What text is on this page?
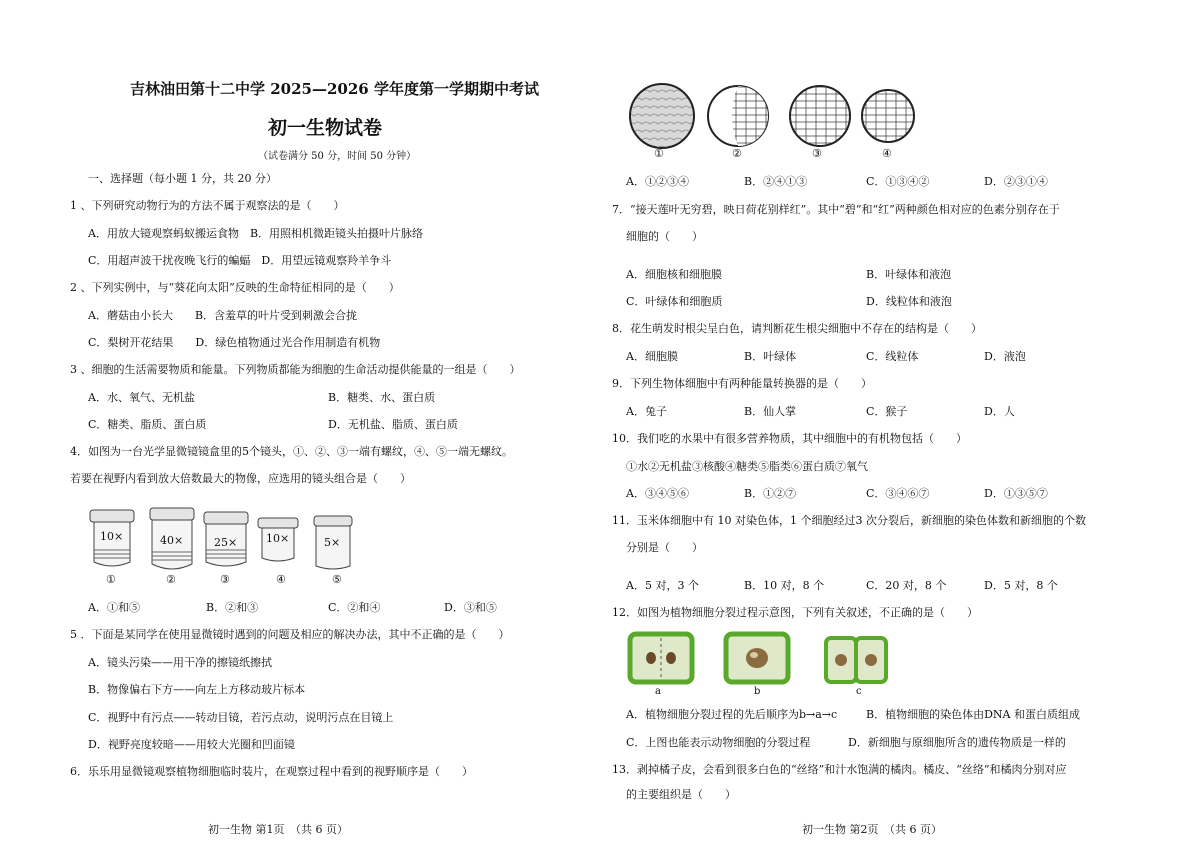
吉林油田第十二中学 2025—2026 学年度第一学期期中考试
初一生物试卷
（试卷满分 50 分，时间 50 分钟）
一、选择题（每小题 1 分，共 20 分）
1 、下列研究动物行为的方法不属于观察法的是（　　）
A．用放大镜观察蚂蚁搬运食物　B．用照相机微距镜头拍摄叶片脉络
C．用超声波干扰夜晚飞行的蝙蝠　D．用望远镜观察羚羊争斗
2 、下列实例中，与“葵花向太阳”反映的生命特征相同的是（　　）
A．蘑菇由小长大　　B．含羞草的叶片受到刺激会合拢
C．梨树开花结果　　D．绿色植物通过光合作用制造有机物
3 、细胞的生活需要物质和能量。下列物质都能为细胞的生命活动提供能量的一组是（　　）
A．水、氧气、无机盐	B．糖类、水、蛋白质
C．糖类、脂质、蛋白质	D．无机盐、脂质、蛋白质
4．如图为一台光学显微镜镜盒里的5个镜头，①、②、③一端有螺纹，④、⑤一端无螺纹。
若要在视野内看到放大倍数最大的物像，应选用的镜头组合是（　　）
10×	40×	25×	10×	5×
①	②	③	④	⑤
A．①和⑤	B．②和③	C．②和④	D．③和⑤
5 ．下面是某同学在使用显微镜时遇到的问题及相应的解决办法，其中不正确的是（　　）
A．镜头污染——用干净的擦镜纸擦拭
B．物像偏右下方——向左上方移动玻片标本
C．视野中有污点——转动目镜，若污点动，说明污点在目镜上
D．视野亮度较暗——用较大光圈和凹面镜
6．乐乐用显微镜观察植物细胞临时装片，在观察过程中看到的视野顺序是（　　）
初一生物 第1页　（共 6 页）
①	②	③	④
A．①②③④	B．②④①③	C．①③④②	D．②③①④
7．“接天莲叶无穷碧，映日荷花别样红”。其中“碧”和“红”两种颜色相对应的色素分别存在于
细胞的（　　）
A．细胞核和细胞膜	B．叶绿体和液泡
C．叶绿体和细胞质	D．线粒体和液泡
8．花生萌发时根尖呈白色，请判断花生根尖细胞中不存在的结构是（　　）
A．细胞膜	B．叶绿体	C．线粒体	D．液泡
9．下列生物体细胞中有两种能量转换器的是（　　）
A．兔子	B．仙人掌	C．猴子	D．人
10．我们吃的水果中有很多营养物质，其中细胞中的有机物包括（　　）
①水②无机盐③核酸④糖类⑤脂类⑥蛋白质⑦氧气
A．③④⑤⑥	B．①②⑦	C．③④⑥⑦	D．①③⑤⑦
11．玉米体细胞中有 10 对染色体，1 个细胞经过3 次分裂后，新细胞的染色体数和新细胞的个数
分别是（　　）
A．5 对，3 个	B．10 对，8 个	C．20 对，8 个	D．5 对，8 个
12．如图为植物细胞分裂过程示意图，下列有关叙述，不正确的是（　　）
a	b	c
A．植物细胞分裂过程的先后顺序为b→a→c	B．植物细胞的染色体由DNA 和蛋白质组成
C．上图也能表示动物细胞的分裂过程	D．新细胞与原细胞所含的遗传物质是一样的
13．剥掉橘子皮，会看到很多白色的“丝络”和汁水饱满的橘肉。橘皮、“丝络”和橘肉分别对应
的主要组织是（　　）
初一生物 第2页　（共 6 页）
